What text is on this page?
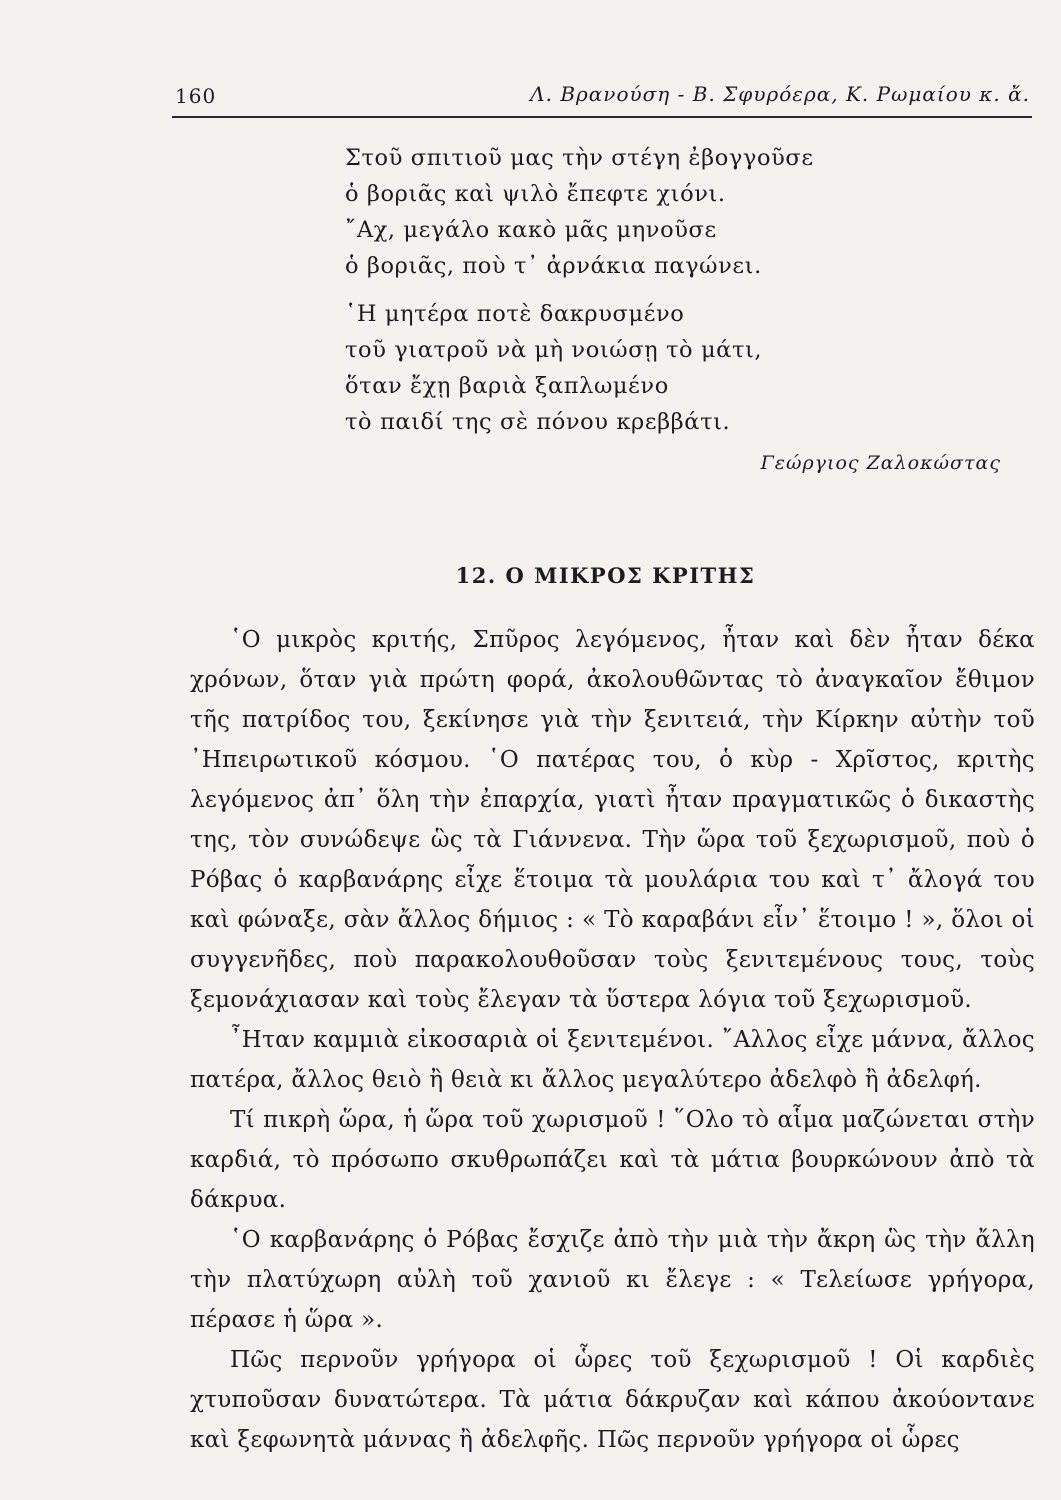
160	Λ. Βρανούση - Β. Σφυρόερα, Κ. Ρωμαίου κ. ἄ.
Στοῦ σπιτιοῦ μας τὴν στέγη ἐβογγοῦσε
ὁ βοριᾶς καὶ ψιλὸ ἔπεφτε χιόνι.
῎Αχ, μεγάλο κακὸ μᾶς μηνοῦσε
ὁ βοριᾶς, ποὺ τ᾿ ἀρνάκια παγώνει.
῾Η μητέρα ποτὲ δακρυσμένο
τοῦ γιατροῦ νὰ μὴ νοιώσῃ τὸ μάτι,
ὅταν ἔχῃ βαριὰ ξαπλωμένο
τὸ παιδί της σὲ πόνου κρεββάτι.
Γεώργιος Ζαλοκώστας
12. Ο ΜΙΚΡΟΣ ΚΡΙΤΗΣ

῾Ο μικρὸς κριτής, Σπῦρος λεγόμενος, ἦταν καὶ δὲν ἦταν δέκα χρόνων, ὅταν γιὰ πρώτη φορά, ἀκολουθῶντας τὸ ἀναγκαῖον ἔθιμον τῆς πατρίδος του, ξεκίνησε γιὰ τὴν ξενιτειά, τὴν Κίρκην αὐτὴν τοῦ ᾿Ηπειρωτικοῦ κόσμου. ῾Ο πατέρας του, ὁ κὺρ - Χρῖστος, κριτὴς λεγόμενος ἀπ᾿ ὅλη τὴν ἐπαρχία, γιατὶ ἦταν πραγματικῶς ὁ δικαστὴς της, τὸν συνώδεψε ὣς τὰ Γιάννενα. Τὴν ὥρα τοῦ ξεχωρισμοῦ, ποὺ ὁ Ρόβας ὁ καρβανάρης εἶχε ἕτοιμα τὰ μουλάρια του καὶ τ᾿ ἄλογά του καὶ φώναξε, σὰν ἄλλος δήμιος : « Τὸ καραβάνι εἶν᾿ ἕτοιμο ! », ὅλοι οἱ συγγενῆδες, ποὺ παρακολουθοῦσαν τοὺς ξενιτεμένους τους, τοὺς ξεμονάχιασαν καὶ τοὺς ἔλεγαν τὰ ὕστερα λόγια τοῦ ξεχωρισμοῦ.

῏Ηταν καμμιὰ εἰκοσαριὰ οἱ ξενιτεμένοι. ῎Αλλος εἶχε μάννα, ἄλλος πατέρα, ἄλλος θειὸ ἢ θειὰ κι ἄλλος μεγαλύτερο ἀδελφὸ ἢ ἀδελφή.

Τί πικρὴ ὥρα, ἡ ὥρα τοῦ χωρισμοῦ ! ῞Ολο τὸ αἷμα μαζώνεται στὴν καρδιά, τὸ πρόσωπο σκυθρωπάζει καὶ τὰ μάτια βουρκώνουν ἀπὸ τὰ δάκρυα.

῾Ο καρβανάρης ὁ Ρόβας ἔσχιζε ἀπὸ τὴν μιὰ τὴν ἄκρη ὣς τὴν ἄλλη τὴν πλατύχωρη αὐλὴ τοῦ χανιοῦ κι ἔλεγε : « Τελείωσε γρήγορα, πέρασε ἡ ὥρα ».

Πῶς περνοῦν γρήγορα οἱ ὧρες τοῦ ξεχωρισμοῦ ! Οἱ καρδιὲς χτυποῦσαν δυνατώτερα. Τὰ μάτια δάκρυζαν καὶ κάπου ἀκούοντανε καὶ ξεφωνητὰ μάννας ἢ ἀδελφῆς. Πῶς περνοῦν γρήγορα οἱ ὧρες
